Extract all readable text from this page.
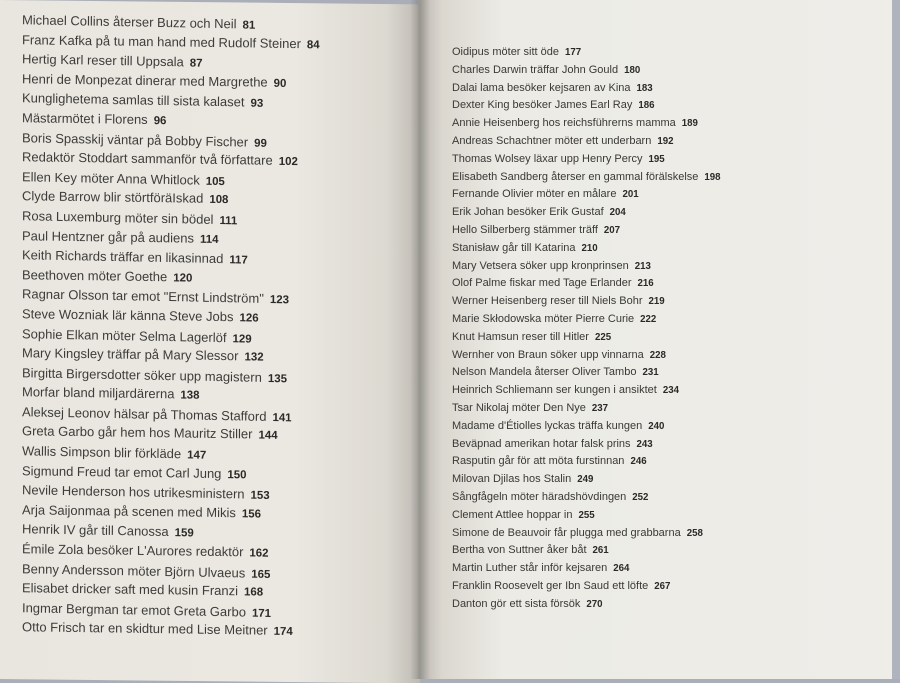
Michael Collins återser Buzz och Neil 81
Franz Kafka på tu man hand med Rudolf Steiner 84
Hertig Karl reser till Uppsala 87
Henri de Monpezat dinerar med Margrethe 90
Kunglighetema samlas till sista kalaset 93
Mästarmötet i Florens 96
Boris Spasskij väntar på Bobby Fischer 99
Redaktör Stoddart sammanför två författare 102
Ellen Key möter Anna Whitlock 105
Clyde Barrow blir störtföräIskad 108
Rosa Luxemburg möter sin bödel 111
Paul Hentzner går på audiens 114
Keith Richards träffar en likasinnad 117
Beethoven möter Goethe 120
Ragnar Olsson tar emot "Ernst Lindström" 123
Steve Wozniak lär känna Steve Jobs 126
Sophie Elkan möter Selma Lagerlöf 129
Mary Kingsley träffar på Mary Slessor 132
Birgitta Birgersdotter söker upp magistern 135
Morfar bland miljardärerna 138
Aleksej Leonov hälsar på Thomas Stafford 141
Greta Garbo går hem hos Mauritz Stiller 144
Wallis Simpson blir förkläde 147
Sigmund Freud tar emot Carl Jung 150
Nevile Henderson hos utrikesministern 153
Arja Saijonmaa på scenen med Mikis 156
Henrik IV går till Canossa 159
Émile Zola besöker L'Aurores redaktör 162
Benny Andersson möter Björn Ulvaeus 165
Elisabet dricker saft med kusin Franzi 168
Ingmar Bergman tar emot Greta Garbo 171
Otto Frisch tar en skidtur med Lise Meitner 174
Oidipus möter sitt öde 177
Charles Darwin träffar John Gould 180
Dalai lama besöker kejsaren av Kina 183
Dexter King besöker James Earl Ray 186
Annie Heisenberg hos reichsführerns mamma 189
Andreas Schachtner möter ett underbarn 192
Thomas Wolsey läxar upp Henry Percy 195
Elisabeth Sandberg återser en gammal förälskelse 198
Fernande Olivier möter en målare 201
Erik Johan besöker Erik Gustaf 204
Hello Silberberg stämmer träff 207
Stanisław går till Katarina 210
Mary Vetsera söker upp kronprinsen 213
Olof Palme fiskar med Tage Erlander 216
Werner Heisenberg reser till Niels Bohr 219
Marie Skłodowska möter Pierre Curie 222
Knut Hamsun reser till Hitler 225
Wernher von Braun söker upp vinnarna 228
Nelson Mandela återser Oliver Tambo 231
Heinrich Schliemann ser kungen i ansiktet 234
Tsar Nikolaj möter Den Nye 237
Madame d'Étiolles lyckas träffa kungen 240
Beväpnad amerikan hotar falsk prins 243
Rasputin går för att möta furstinnan 246
Milovan Djilas hos Stalin 249
Sångfågeln möter häradshövdingen 252
Clement Attlee hoppar in 255
Simone de Beauvoir får plugga med grabbarna 258
Bertha von Suttner åker båt 261
Martin Luther står inför kejsaren 264
Franklin Roosevelt ger Ibn Saud ett löfte 267
Danton gör ett sista försök 270
